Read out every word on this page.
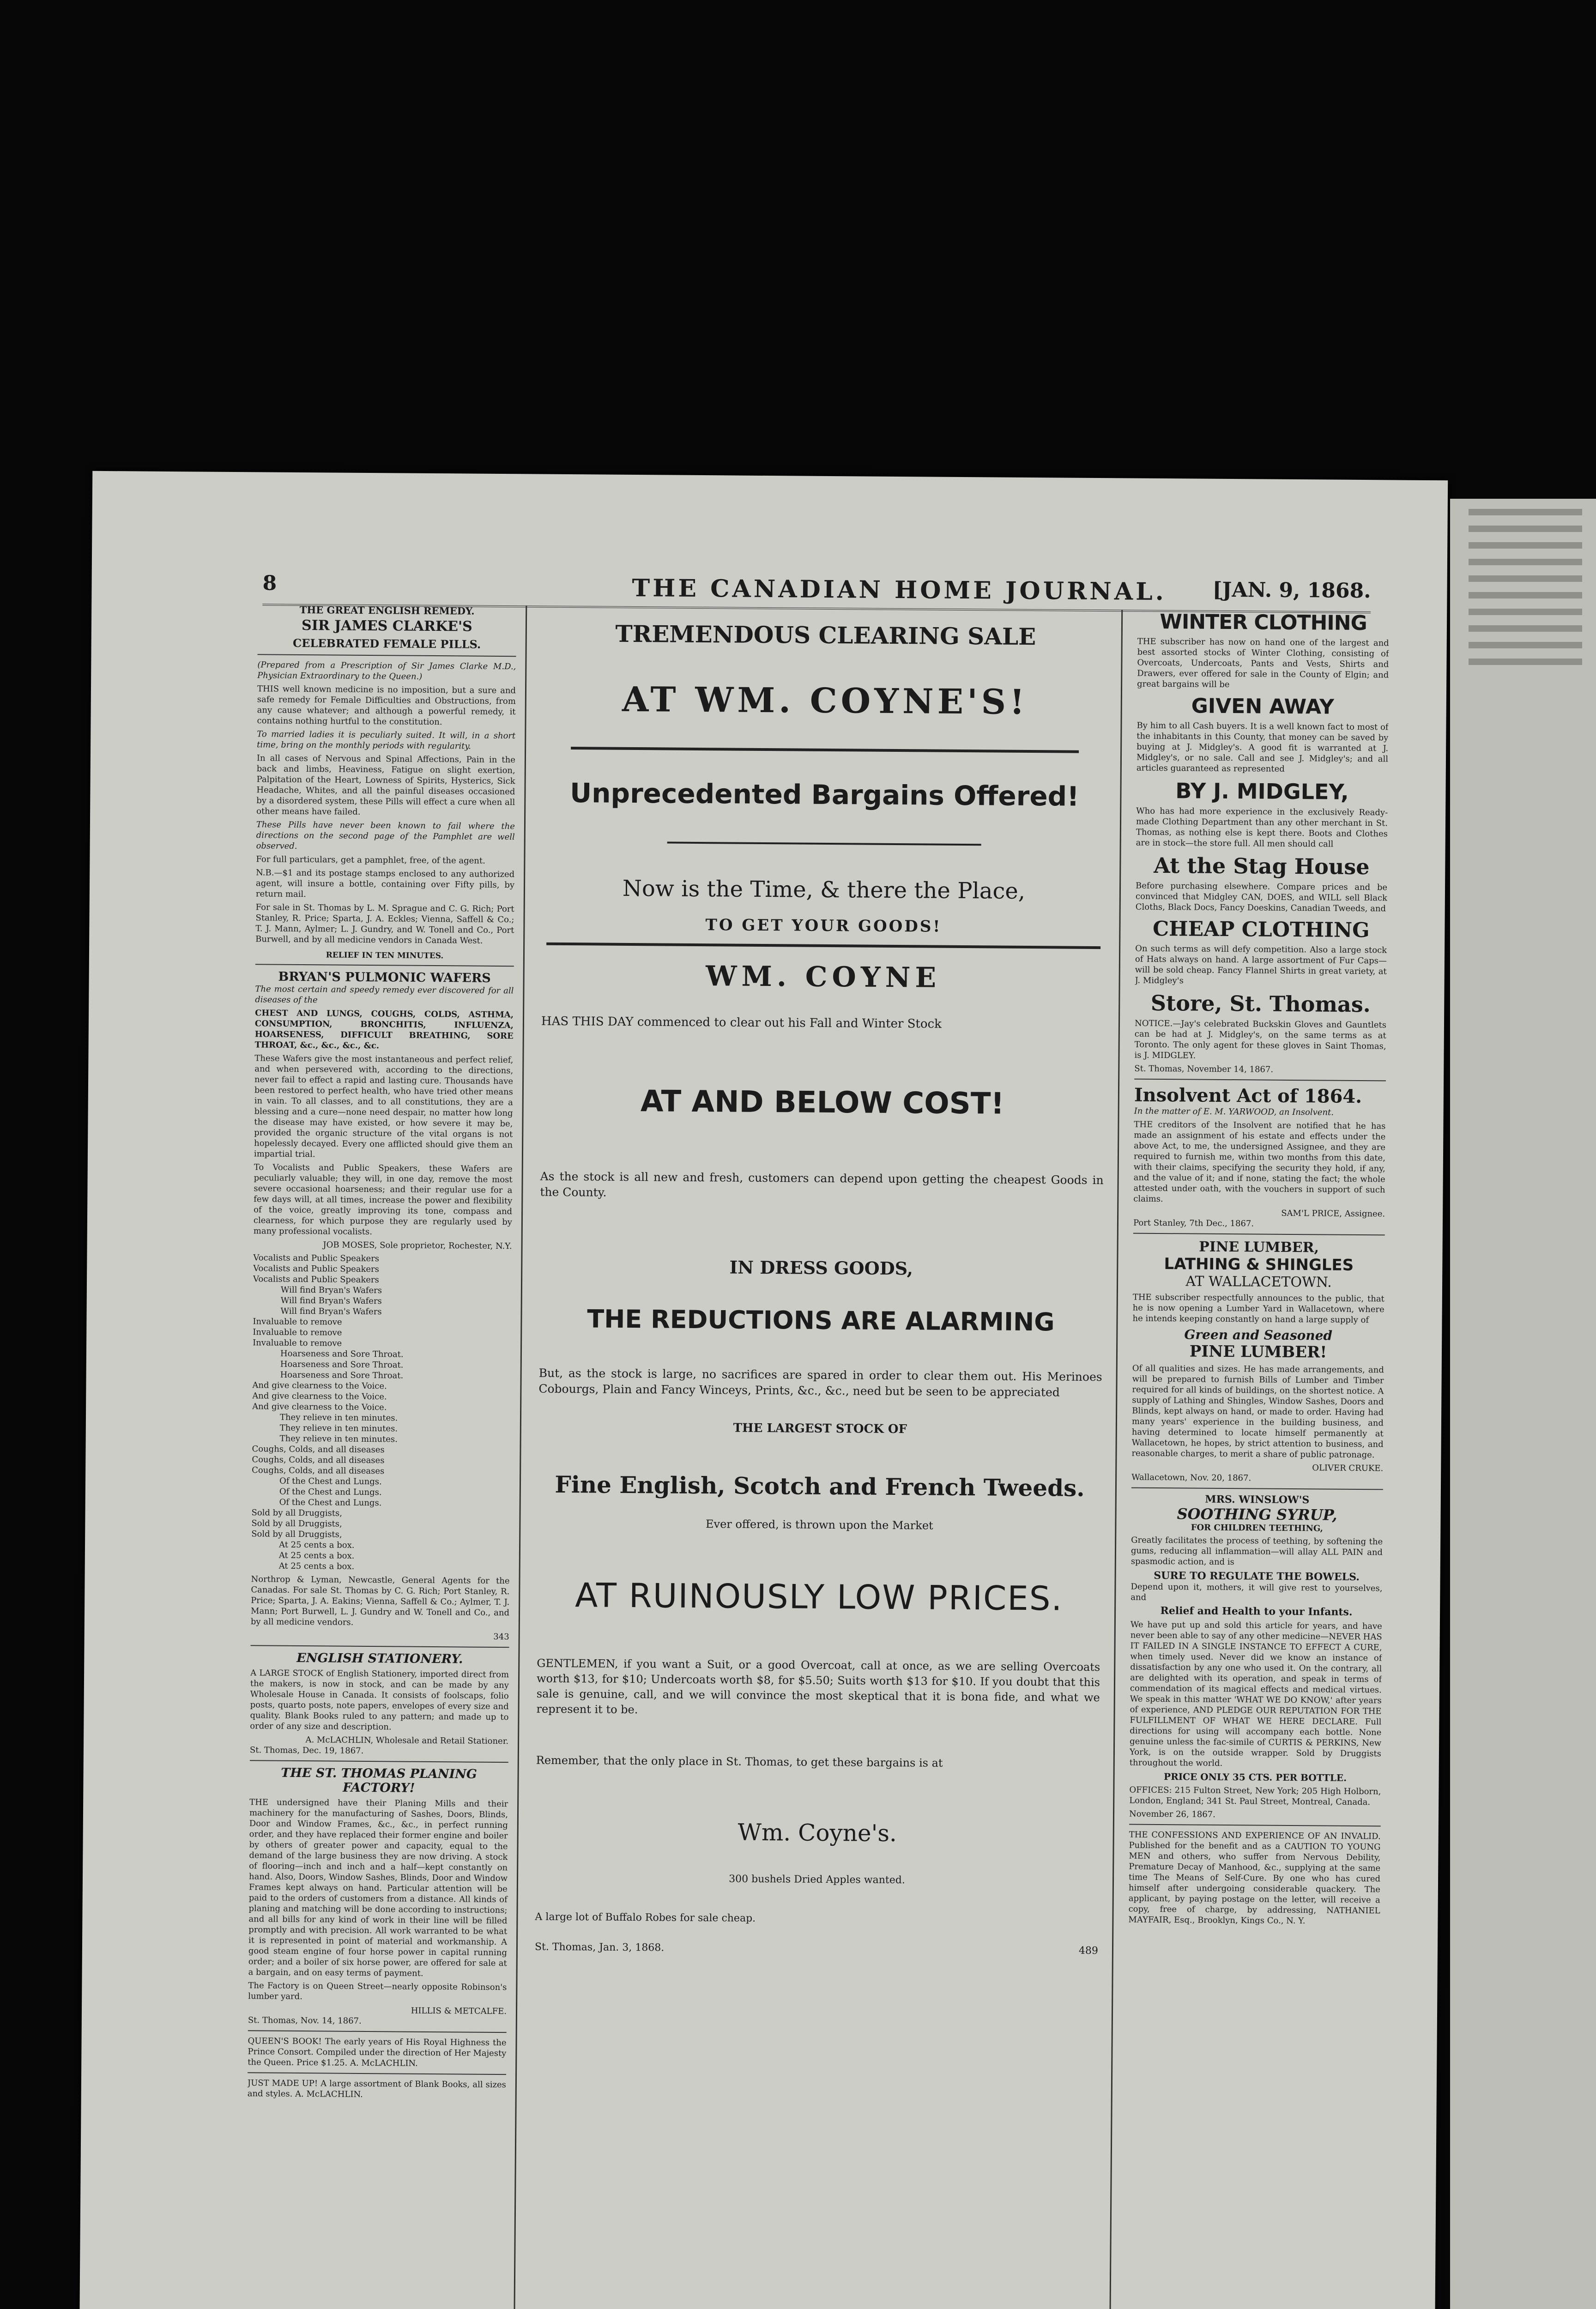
8	THE CANADIAN HOME JOURNAL. [JAN. 9, 1868.
THE GREAT ENGLISH REMEDY.
SIR JAMES CLARKE'S
CELEBRATED FEMALE PILLS.
(Prepared from a Prescription of Sir James Clarke M.D., Physician Extraordinary to the Queen.)
THIS well known medicine is no imposition, but a sure and safe remedy for Female Difficulties and Obstructions, from any cause whatever; and although a powerful remedy, it contains nothing hurtful to the constitution.
To married ladies it is peculiarly suited. It will, in a short time, bring on the monthly periods with regularity.
In all cases of Nervous and Spinal Affections, Pain in the back and limbs, Heaviness, Fatigue on slight exertion, Palpitation of the Heart, Lowness of Spirits, Hysterics, Sick Headache, Whites, and all the painful diseases occasioned by a disordered system, these Pills will effect a cure when all other means have failed.
These Pills have never been known to fail where the directions on the second page of the Pamphlet are well observed.
For full particulars, get a pamphlet, free, of the agent.
N.B.—$1 and its postage stamps enclosed to any authorized agent, will insure a bottle, containing over Fifty pills, by return mail.
For sale in St. Thomas by L. M. Sprague and C. G. Rich; Port Stanley, R. Price; Sparta, J. A. Eckles; Vienna, Saffell & Co.; T. J. Mann, Aylmer; L. J. Gundry, and W. Tonell and Co., Port Burwell, and by all medicine vendors in Canada West.
RELIEF IN TEN MINUTES.
BRYAN'S PULMONIC WAFERS
The most certain and speedy remedy ever discovered for all diseases of the
CHEST AND LUNGS, COUGHS, COLDS, ASTHMA, CONSUMPTION, BRONCHITIS, INFLUENZA, HOARSENESS, DIFFICULT BREATHING, SORE THROAT, &c., &c., &c., &c.
These Wafers give the most instantaneous and perfect relief, and when persevered with, according to the directions, never fail to effect a rapid and lasting cure. Thousands have been restored to perfect health, who have tried other means in vain. To all classes, and to all constitutions, they are a blessing and a cure—none need despair, no matter how long the disease may have existed, or how severe it may be, provided the organic structure of the vital organs is not hopelessly decayed. Every one afflicted should give them an impartial trial.
To Vocalists and Public Speakers, these Wafers are peculiarly valuable; they will, in one day, remove the most severe occasional hoarseness; and their regular use for a few days will, at all times, increase the power and flexibility of the voice, greatly improving its tone, compass and clearness, for which purpose they are regularly used by many professional vocalists.
JOB MOSES, Sole proprietor, Rochester, N.Y.
Vocalists and Public Speakers
Vocalists and Public Speakers
Vocalists and Public Speakers
Will find Bryan's Wafers
Will find Bryan's Wafers
Will find Bryan's Wafers
Invaluable to remove
Invaluable to remove
Invaluable to remove
Hoarseness and Sore Throat.
Hoarseness and Sore Throat.
Hoarseness and Sore Throat.
And give clearness to the Voice.
And give clearness to the Voice.
And give clearness to the Voice.
They relieve in ten minutes.
They relieve in ten minutes.
They relieve in ten minutes.
Coughs, Colds, and all diseases
Coughs, Colds, and all diseases
Coughs, Colds, and all diseases
Of the Chest and Lungs.
Of the Chest and Lungs.
Of the Chest and Lungs.
Sold by all Druggists,
Sold by all Druggists,
Sold by all Druggists,
At 25 cents a box.
At 25 cents a box.
At 25 cents a box.
Northrop & Lyman, Newcastle, General Agents for the Canadas. For sale St. Thomas by C. G. Rich; Port Stanley, R. Price; Sparta, J. A. Eakins; Vienna, Saffell & Co.; Aylmer, T. J. Mann; Port Burwell, L. J. Gundry and W. Tonell and Co., and by all medicine vendors.
343
ENGLISH STATIONERY.
A LARGE STOCK of English Stationery, imported direct from the makers, is now in stock, and can be made by any Wholesale House in Canada. It consists of foolscaps, folio posts, quarto posts, note papers, envelopes of every size and quality. Blank Books ruled to any pattern; and made up to order of any size and description.
A. McLACHLIN, Wholesale and Retail Stationer.
St. Thomas, Dec. 19, 1867.
THE ST. THOMAS PLANING FACTORY!
THE undersigned have their Planing Mills and their machinery for the manufacturing of Sashes, Doors, Blinds, Door and Window Frames, &c., &c., in perfect running order, and they have replaced their former engine and boiler by others of greater power and capacity, equal to the demand of the large business they are now driving. A stock of flooring—inch and inch and a half—kept constantly on hand. Also, Doors, Window Sashes, Blinds, Door and Window Frames kept always on hand. Particular attention will be paid to the orders of customers from a distance. All kinds of planing and matching will be done according to instructions; and all bills for any kind of work in their line will be filled promptly and with precision. All work warranted to be what it is represented in point of material and workmanship. A good steam engine of four horse power in capital running order; and a boiler of six horse power, are offered for sale at a bargain, and on easy terms of payment.
The Factory is on Queen Street—nearly opposite Robinson's lumber yard.
HILLIS & METCALFE.
St. Thomas, Nov. 14, 1867.
QUEEN'S BOOK! The early years of His Royal Highness the Prince Consort. Compiled under the direction of Her Majesty the Queen. Price $1.25. A. McLACHLIN.
JUST MADE UP! A large assortment of Blank Books, all sizes and styles. A. McLACHLIN.
TREMENDOUS CLEARING SALE
AT WM. COYNE'S!
Unprecedented Bargains Offered!
Now is the Time, & there the Place,
TO GET YOUR GOODS!
WM. COYNE
HAS THIS DAY commenced to clear out his Fall and Winter Stock
AT AND BELOW COST!
As the stock is all new and fresh, customers can depend upon getting the cheapest Goods in the County.
IN DRESS GOODS,
THE REDUCTIONS ARE ALARMING
But, as the stock is large, no sacrifices are spared in order to clear them out. His Merinoes Cobourgs, Plain and Fancy Winceys, Prints, &c., &c., need but be seen to be appreciated
THE LARGEST STOCK OF
Fine English, Scotch and French Tweeds.
Ever offered, is thrown upon the Market
AT RUINOUSLY LOW PRICES.
GENTLEMEN, if you want a Suit, or a good Overcoat, call at once, as we are selling Overcoats worth $13, for $10; Undercoats worth $8, for $5.50; Suits worth $13 for $10. If you doubt that this sale is genuine, call, and we will convince the most skeptical that it is bona fide, and what we represent it to be.
Remember, that the only place in St. Thomas, to get these bargains is at
Wm. Coyne's.
300 bushels Dried Apples wanted.
A large lot of Buffalo Robes for sale cheap.
St. Thomas, Jan. 3, 1868.	489
WINTER CLOTHING
THE subscriber has now on hand one of the largest and best assorted stocks of Winter Clothing, consisting of Overcoats, Undercoats, Pants and Vests, Shirts and Drawers, ever offered for sale in the County of Elgin; and great bargains will be
GIVEN AWAY
By him to all Cash buyers. It is a well known fact to most of the inhabitants in this County, that money can be saved by buying at J. Midgley's. A good fit is warranted at J. Midgley's, or no sale. Call and see J. Midgley's; and all articles guaranteed as represented
BY J. MIDGLEY,
Who has had more experience in the exclusively Ready-made Clothing Department than any other merchant in St. Thomas, as nothing else is kept there. Boots and Clothes are in stock—the store full. All men should call
At the Stag House
Before purchasing elsewhere. Compare prices and be convinced that Midgley CAN, DOES, and WILL sell Black Cloths, Black Docs, Fancy Doeskins, Canadian Tweeds, and
CHEAP CLOTHING
On such terms as will defy competition. Also a large stock of Hats always on hand. A large assortment of Fur Caps—will be sold cheap. Fancy Flannel Shirts in great variety, at J. Midgley's
Store, St. Thomas.
NOTICE.—Jay's celebrated Buckskin Gloves and Gauntlets can be had at J. Midgley's, on the same terms as at Toronto. The only agent for these gloves in Saint Thomas, is J. MIDGLEY.
St. Thomas, November 14, 1867.
Insolvent Act of 1864.
In the matter of E. M. YARWOOD, an Insolvent.
THE creditors of the Insolvent are notified that he has made an assignment of his estate and effects under the above Act, to me, the undersigned Assignee, and they are required to furnish me, within two months from this date, with their claims, specifying the security they hold, if any, and the value of it; and if none, stating the fact; the whole attested under oath, with the vouchers in support of such claims.
SAM'L PRICE, Assignee.
Port Stanley, 7th Dec., 1867.
PINE LUMBER,
LATHING & SHINGLES
AT WALLACETOWN.
THE subscriber respectfully announces to the public, that he is now opening a Lumber Yard in Wallacetown, where he intends keeping constantly on hand a large supply of
Green and Seasoned
PINE LUMBER!
Of all qualities and sizes. He has made arrangements, and will be prepared to furnish Bills of Lumber and Timber required for all kinds of buildings, on the shortest notice. A supply of Lathing and Shingles, Window Sashes, Doors and Blinds, kept always on hand, or made to order. Having had many years' experience in the building business, and having determined to locate himself permanently at Wallacetown, he hopes, by strict attention to business, and reasonable charges, to merit a share of public patronage.
OLIVER CRUKE.
Wallacetown, Nov. 20, 1867.
MRS. WINSLOW'S
SOOTHING SYRUP,
FOR CHILDREN TEETHING,
Greatly facilitates the process of teething, by softening the gums, reducing all inflammation—will allay ALL PAIN and spasmodic action, and is
SURE TO REGULATE THE BOWELS.
Depend upon it, mothers, it will give rest to yourselves, and
Relief and Health to your Infants.
We have put up and sold this article for years, and have never been able to say of any other medicine—NEVER HAS IT FAILED IN A SINGLE INSTANCE TO EFFECT A CURE, when timely used. Never did we know an instance of dissatisfaction by any one who used it. On the contrary, all are delighted with its operation, and speak in terms of commendation of its magical effects and medical virtues. We speak in this matter 'WHAT WE DO KNOW,' after years of experience, AND PLEDGE OUR REPUTATION FOR THE FULFILLMENT OF WHAT WE HERE DECLARE. Full directions for using will accompany each bottle. None genuine unless the fac-simile of CURTIS & PERKINS, New York, is on the outside wrapper. Sold by Druggists throughout the world.
PRICE ONLY 35 CTS. PER BOTTLE.
OFFICES: 215 Fulton Street, New York; 205 High Holborn, London, England; 341 St. Paul Street, Montreal, Canada.
November 26, 1867.
THE CONFESSIONS AND EXPERIENCE OF AN INVALID. Published for the benefit and as a CAUTION TO YOUNG MEN and others, who suffer from Nervous Debility, Premature Decay of Manhood, &c., supplying at the same time The Means of Self-Cure. By one who has cured himself after undergoing considerable quackery. The applicant, by paying postage on the letter, will receive a copy, free of charge, by addressing, NATHANIEL MAYFAIR, Esq., Brooklyn, Kings Co., N. Y.
